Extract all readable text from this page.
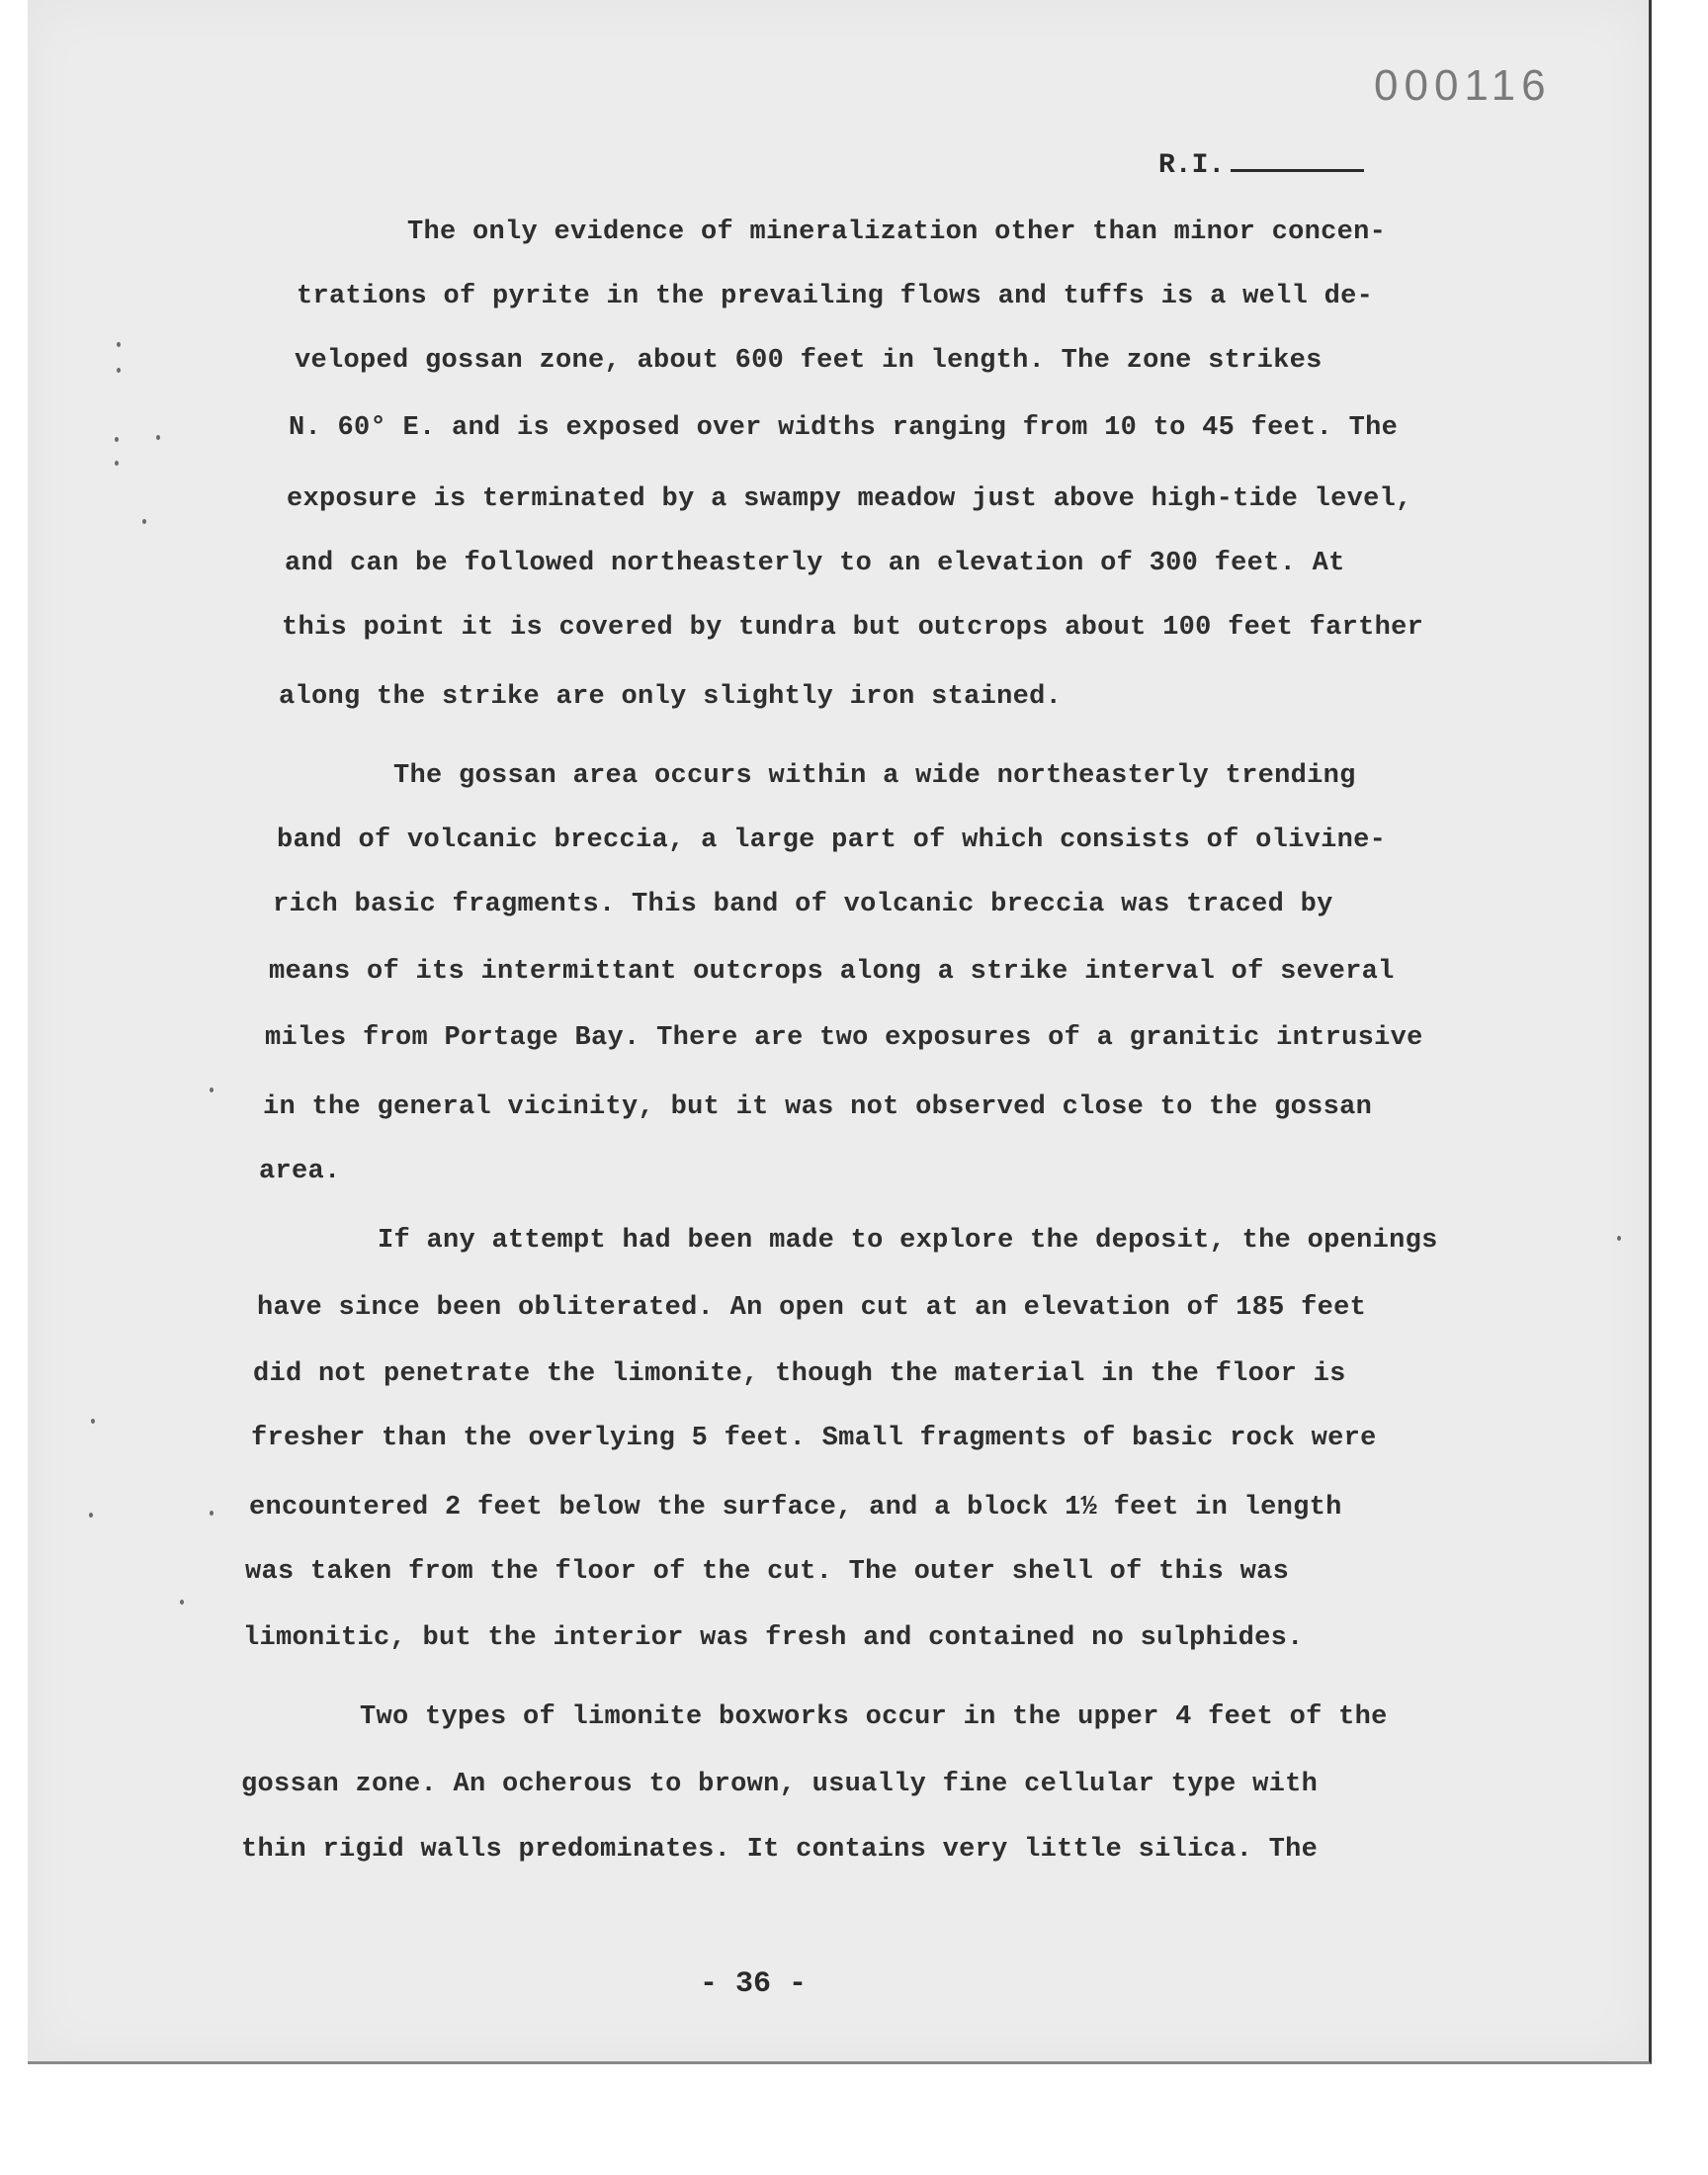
000116
R.I.
The only evidence of mineralization other than minor concen-
trations of pyrite in the prevailing flows and tuffs is a well de-
veloped gossan zone, about 600 feet in length. The zone strikes
N. 60° E. and is exposed over widths ranging from 10 to 45 feet. The
exposure is terminated by a swampy meadow just above high-tide level,
and can be followed northeasterly to an elevation of 300 feet. At
this point it is covered by tundra but outcrops about 100 feet farther
along the strike are only slightly iron stained.
The gossan area occurs within a wide northeasterly trending
band of volcanic breccia, a large part of which consists of olivine-
rich basic fragments. This band of volcanic breccia was traced by
means of its intermittant outcrops along a strike interval of several
miles from Portage Bay. There are two exposures of a granitic intrusive
in the general vicinity, but it was not observed close to the gossan
area.
If any attempt had been made to explore the deposit, the openings
have since been obliterated. An open cut at an elevation of 185 feet
did not penetrate the limonite, though the material in the floor is
fresher than the overlying 5 feet. Small fragments of basic rock were
encountered 2 feet below the surface, and a block 1½ feet in length
was taken from the floor of the cut. The outer shell of this was
limonitic, but the interior was fresh and contained no sulphides.
Two types of limonite boxworks occur in the upper 4 feet of the
gossan zone. An ocherous to brown, usually fine cellular type with
thin rigid walls predominates. It contains very little silica. The
- 36 -
